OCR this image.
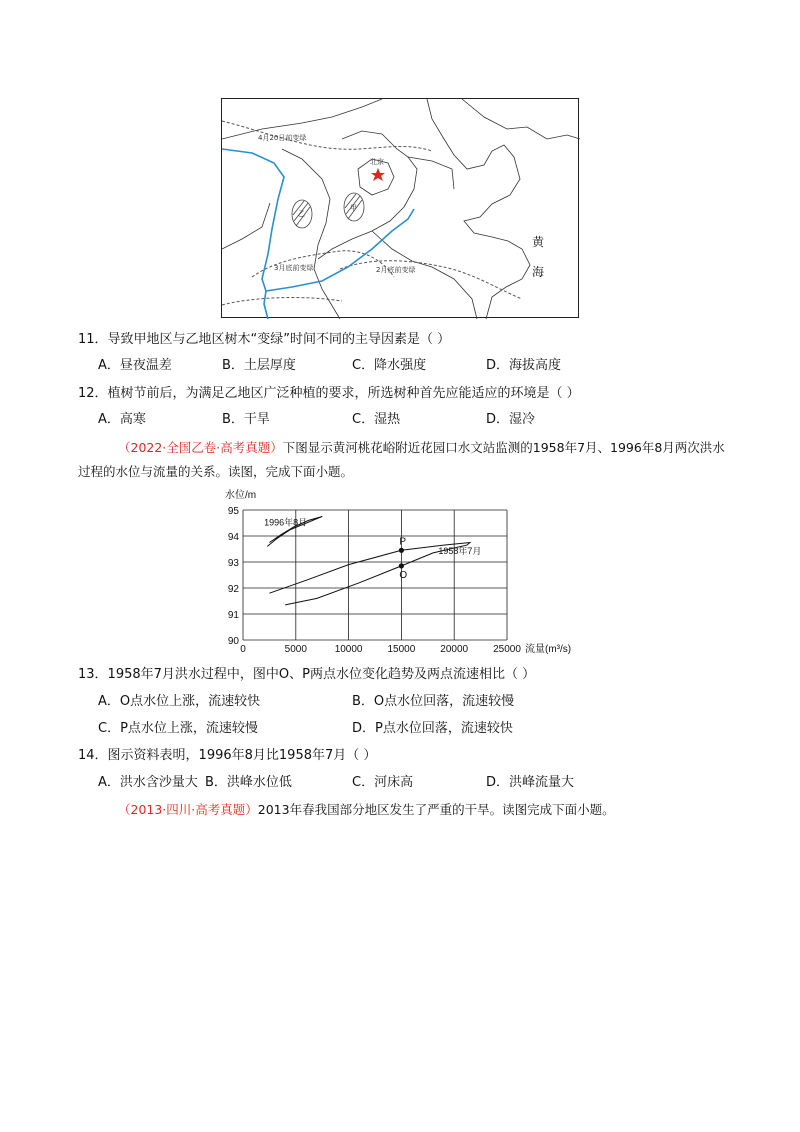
4月20日前变绿
北京
乙
甲
3月底前变绿	2月底前变绿
黄
海
11．导致甲地区与乙地区树木“变绿”时间不同的主导因素是（ ）
A．昼夜温差	B．土层厚度	C．降水强度	D．海拔高度
12．植树节前后，为满足乙地区广泛种植的要求，所选树种首先应能适应的环境是（ ）
A．高寒	B．干旱	C．湿热	D．湿冷
（2022·全国乙卷·高考真题）下图显示黄河桃花峪附近花园口水文站监测的1958年7月、1996年8月两次洪水过程的水位与流量的关系。读图，完成下面小题。
90
91
92
93
94
95
0	5000	10000 15000 20000 25000
水位/m
流量(m³/s)
1996年8月
1958年7月
P
O
13．1958年7月洪水过程中，图中O、P两点水位变化趋势及两点流速相比（ ）
A．O点水位上涨，流速较快	B．O点水位回落，流速较慢
C．P点水位上涨，流速较慢	D．P点水位回落，流速较快
14．图示资料表明，1996年8月比1958年7月（ ）
A．洪水含沙量大 B．洪峰水位低	C．河床高	D．洪峰流量大
（2013·四川·高考真题）2013年春我国部分地区发生了严重的干旱。读图完成下面小题。
